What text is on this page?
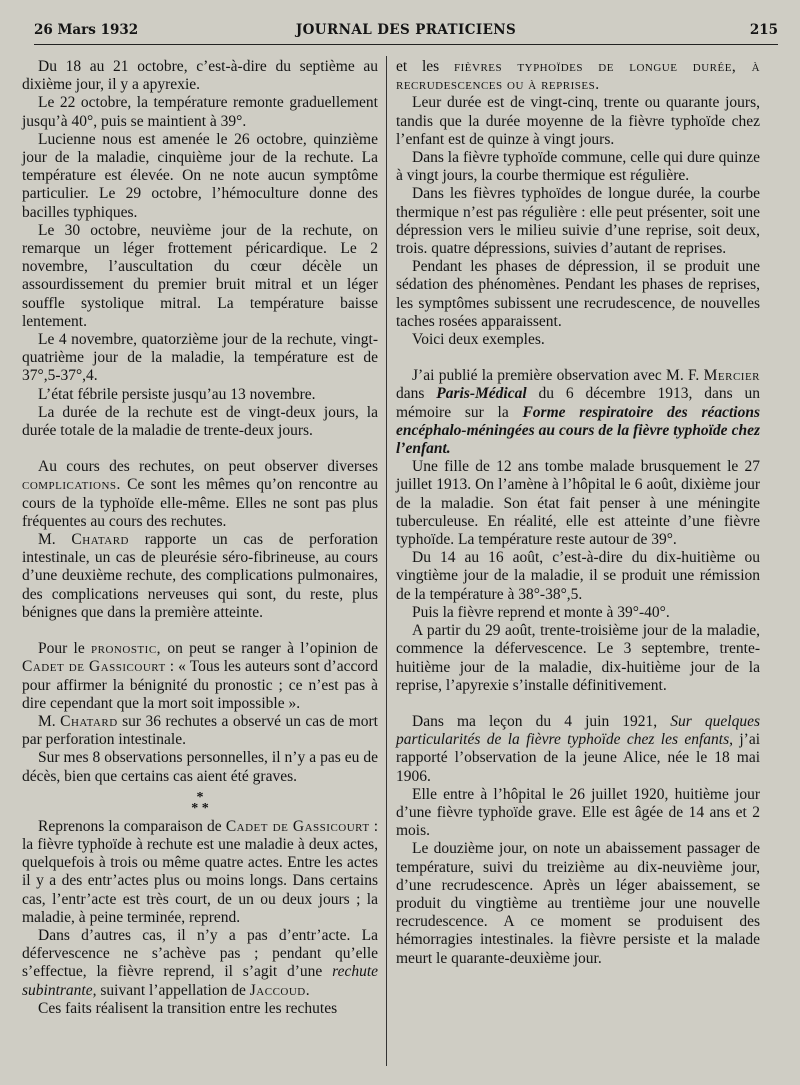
26 Mars 1932	JOURNAL DES PRATICIENS	215

Du 18 au 21 octobre, c’est-à-dire du septième au dixième jour, il y a apyrexie.

Le 22 octobre, la température remonte graduellement jusqu’à 40°, puis se maintient à 39°.

Lucienne nous est amenée le 26 octobre, quinzième jour de la maladie, cinquième jour de la rechute. La température est élevée. On ne note aucun symptôme particulier. Le 29 octobre, l’hémoculture donne des bacilles typhiques.

Le 30 octobre, neuvième jour de la rechute, on remarque un léger frottement péricardique. Le 2 novembre, l’auscultation du cœur décèle un assourdissement du premier bruit mitral et un léger souffle systolique mitral. La température baisse lentement.

Le 4 novembre, quatorzième jour de la rechute, vingt-quatrième jour de la maladie, la température est de 37°,5-37°,4.

L’état fébrile persiste jusqu’au 13 novembre.

La durée de la rechute est de vingt-deux jours, la durée totale de la maladie de trente-deux jours.

Au cours des rechutes, on peut observer diverses complications. Ce sont les mêmes qu’on rencontre au cours de la typhoïde elle-même. Elles ne sont pas plus fréquentes au cours des rechutes.

M. Chatard rapporte un cas de perforation intestinale, un cas de pleurésie séro-fibrineuse, au cours d’une deuxième rechute, des complications pulmonaires, des complications nerveuses qui sont, du reste, plus bénignes que dans la première atteinte.

Pour le pronostic, on peut se ranger à l’opinion de Cadet de Gassicourt : « Tous les auteurs sont d’accord pour affirmer la bénignité du pronostic ; ce n’est pas à dire cependant que la mort soit impossible ».

M. Chatard sur 36 rechutes a observé un cas de mort par perforation intestinale.

Sur mes 8 observations personnelles, il n’y a pas eu de décès, bien que certains cas aient été graves.

*
* *

Reprenons la comparaison de Cadet de Gassicourt : la fièvre typhoïde à rechute est une maladie à deux actes, quelquefois à trois ou même quatre actes. Entre les actes il y a des entr’actes plus ou moins longs. Dans certains cas, l’entr’acte est très court, de un ou deux jours ; la maladie, à peine terminée, reprend.

Dans d’autres cas, il n’y a pas d’entr’acte. La défervescence ne s’achève pas ; pendant qu’elle s’effectue, la fièvre reprend, il s’agit d’une rechute subintrante, suivant l’appellation de Jaccoud.

Ces faits réalisent la transition entre les rechutes

et les fièvres typhoïdes de longue durée, à recrudescences ou à reprises.

Leur durée est de vingt-cinq, trente ou quarante jours, tandis que la durée moyenne de la fièvre typhoïde chez l’enfant est de quinze à vingt jours.

Dans la fièvre typhoïde commune, celle qui dure quinze à vingt jours, la courbe thermique est régulière.

Dans les fièvres typhoïdes de longue durée, la courbe thermique n’est pas régulière : elle peut présenter, soit une dépression vers le milieu suivie d’une reprise, soit deux, trois. quatre dépressions, suivies d’autant de reprises.

Pendant les phases de dépression, il se produit une sédation des phénomènes. Pendant les phases de reprises, les symptômes subissent une recrudescence, de nouvelles taches rosées apparaissent.

Voici deux exemples.

J’ai publié la première observation avec M. F. Mercier dans Paris-Médical du 6 décembre 1913, dans un mémoire sur la Forme respiratoire des réactions encéphalo-méningées au cours de la fièvre typhoïde chez l’enfant.

Une fille de 12 ans tombe malade brusquement le 27 juillet 1913. On l’amène à l’hôpital le 6 août, dixième jour de la maladie. Son état fait penser à une méningite tuberculeuse. En réalité, elle est atteinte d’une fièvre typhoïde. La température reste autour de 39°.

Du 14 au 16 août, c’est-à-dire du dix-huitième ou vingtième jour de la maladie, il se produit une rémission de la température à 38°-38°,5.

Puis la fièvre reprend et monte à 39°-40°.

A partir du 29 août, trente-troisième jour de la maladie, commence la défervescence. Le 3 septembre, trente-huitième jour de la maladie, dix-huitième jour de la reprise, l’apyrexie s’installe définitivement.

Dans ma leçon du 4 juin 1921, Sur quelques particularités de la fièvre typhoïde chez les enfants, j’ai rapporté l’observation de la jeune Alice, née le 18 mai 1906.

Elle entre à l’hôpital le 26 juillet 1920, huitième jour d’une fièvre typhoïde grave. Elle est âgée de 14 ans et 2 mois.

Le douzième jour, on note un abaissement passager de température, suivi du treizième au dix-neuvième jour, d’une recrudescence. Après un léger abaissement, se produit du vingtième au trentième jour une nouvelle recrudescence. A ce moment se produisent des hémorragies intestinales. la fièvre persiste et la malade meurt le quarante-deuxième jour.
